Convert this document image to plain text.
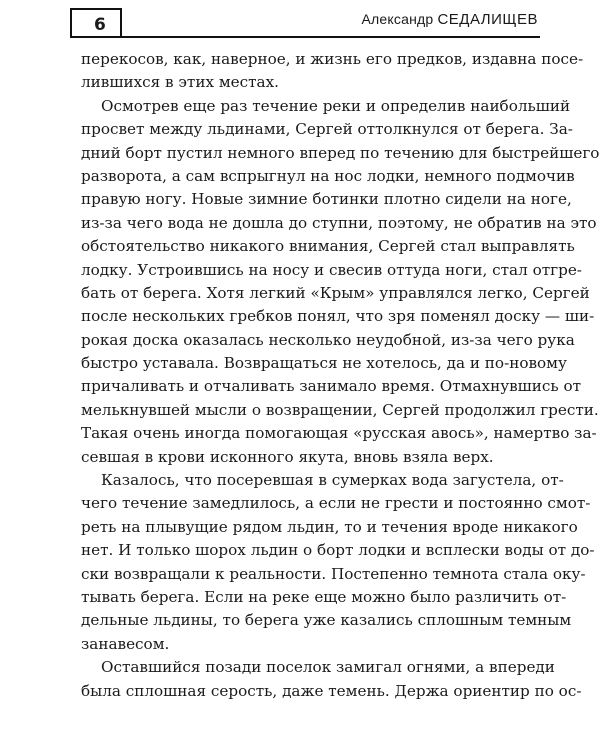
6	Александр СЕДАЛИЩЕВ
перекосов, как, наверное, и жизнь его предков, издавна посе-
лившихся в этих местах.
Осмотрев еще раз течение реки и определив наибольший
просвет между льдинами, Сергей оттолкнулся от берега. За-
дний борт пустил немного вперед по течению для быстрейшего
разворота, а сам вспрыгнул на нос лодки, немного подмочив
правую ногу. Новые зимние ботинки плотно сидели на ноге,
из-за чего вода не дошла до ступни, поэтому, не обратив на это
обстоятельство никакого внимания, Сергей стал выправлять
лодку. Устроившись на носу и свесив оттуда ноги, стал отгре-
бать от берега. Хотя легкий «Крым» управлялся легко, Сергей
после нескольких гребков понял, что зря поменял доску — ши-
рокая доска оказалась несколько неудобной, из-за чего рука
быстро уставала. Возвращаться не хотелось, да и по-новому
причаливать и отчаливать занимало время. Отмахнувшись от
мелькнувшей мысли о возвращении, Сергей продолжил грести.
Такая очень иногда помогающая «русская авось», намертво за-
севшая в крови исконного якута, вновь взяла верх.
Казалось, что посеревшая в сумерках вода загустела, от-
чего течение замедлилось, а если не грести и постоянно смот-
реть на плывущие рядом льдин, то и течения вроде никакого
нет. И только шорох льдин о борт лодки и всплески воды от до-
ски возвращали к реальности. Постепенно темнота стала оку-
тывать берега. Если на реке еще можно было различить от-
дельные льдины, то берега уже казались сплошным темным
занавесом.
Оставшийся позади поселок замигал огнями, а впереди
была сплошная серость, даже темень. Держа ориентир по ос-
